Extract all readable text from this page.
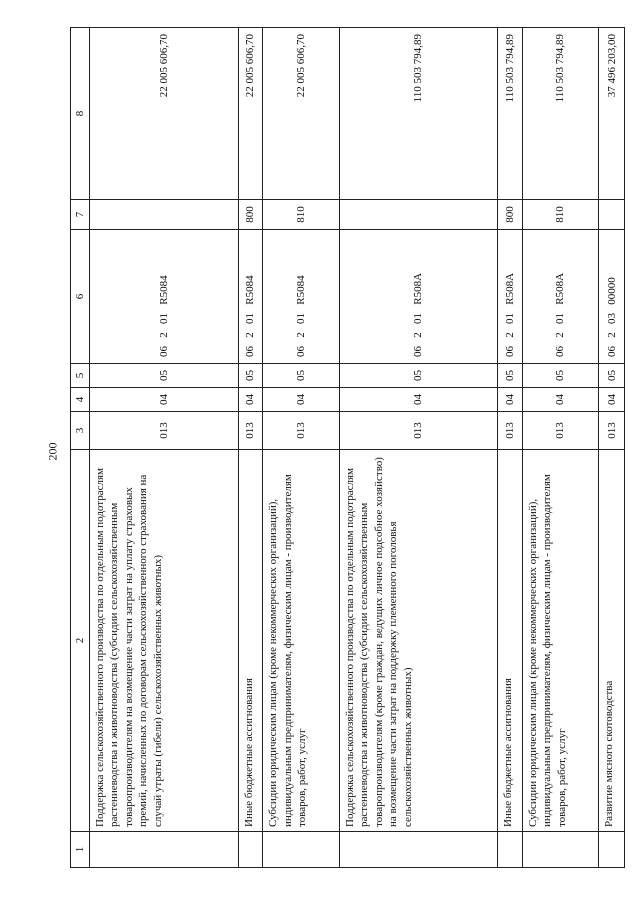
200
1	2	3	4	5	6	7	8
	Поддержка сельскохозяйственного производства по отдельным подотраслям растениеводства и животноводства (субсидии сельскохозяйственным товаропроизводителям на возмещение части затрат на уплату страховых премий, начисленных по договорам сельскохозяйственного страхования на случай утраты (гибели) сельскохозяйственных животных)	013	04	05	06   2   01   R5084		22 005 606,70
	Иные бюджетные ассигнования	013	04	05	06   2   01   R5084	800	22 005 606,70
	Субсидии юридическим лицам (кроме некоммерческих организаций), индивидуальным предпринимателям, физическим лицам - производителям товаров, работ, услуг	013	04	05	06   2   01   R5084	810	22 005 606,70
	Поддержка сельскохозяйственного производства по отдельным подотраслям растениеводства и животноводства (субсидии сельскохозяйственным товаропроизводителям (кроме граждан, ведущих личное подсобное хозяйство) на возмещение части затрат на поддержку племенного поголовья сельскохозяйственных животных)	013	04	05	06   2   01   R508A		110 503 794,89
	Иные бюджетные ассигнования	013	04	05	06   2   01   R508A	800	110 503 794,89
	Субсидии юридическим лицам (кроме некоммерческих организаций), индивидуальным предпринимателям, физическим лицам - производителям товаров, работ, услуг	013	04	05	06   2   01   R508A	810	110 503 794,89
	Развитие мясного скотоводства	013	04	05	06   2   03   00000		37 496 203,00
